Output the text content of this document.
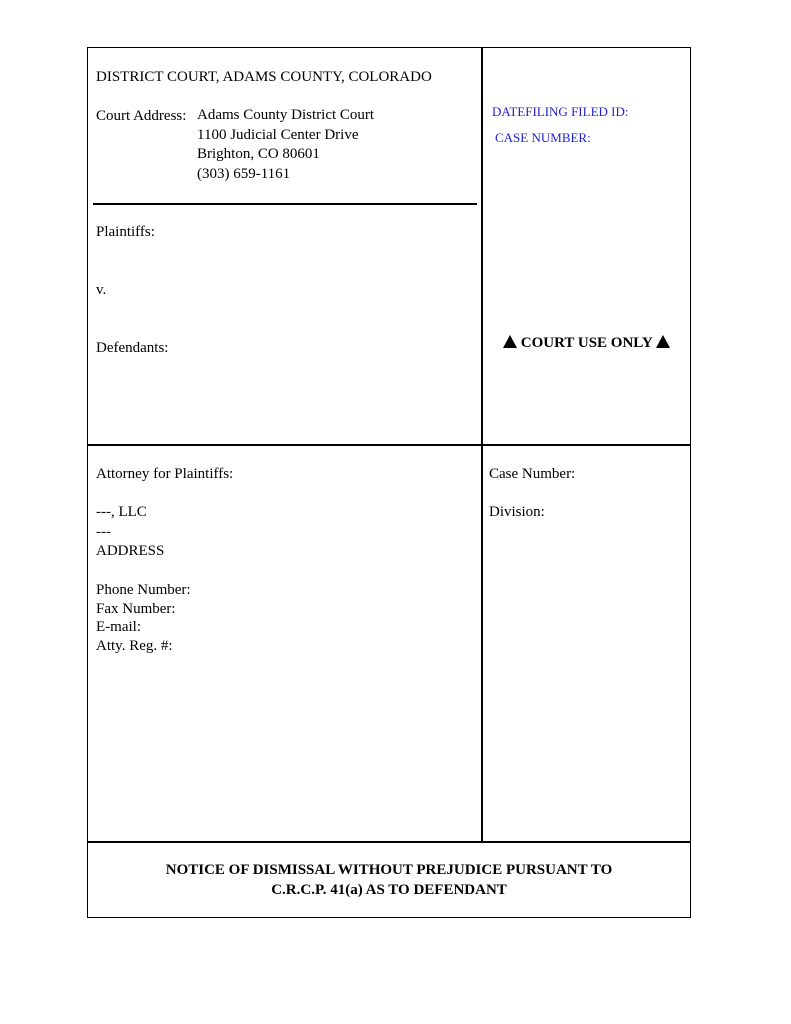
DISTRICT COURT, ADAMS COUNTY, COLORADO
Court Address: Adams County District Court
1100 Judicial Center Drive
Brighton, CO 80601
(303) 659-1161
DATEFILING FILED ID:
CASE NUMBER:
Plaintiffs:
v.
Defendants:	COURT USE ONLY
Attorney for Plaintiffs:
---, LLC
---
ADDRESS
Phone Number:
Fax Number:
E-mail:
Atty. Reg. #:
Case Number:
Division:
NOTICE OF DISMISSAL WITHOUT PREJUDICE PURSUANT TO
C.R.C.P. 41(a) AS TO DEFENDANT
